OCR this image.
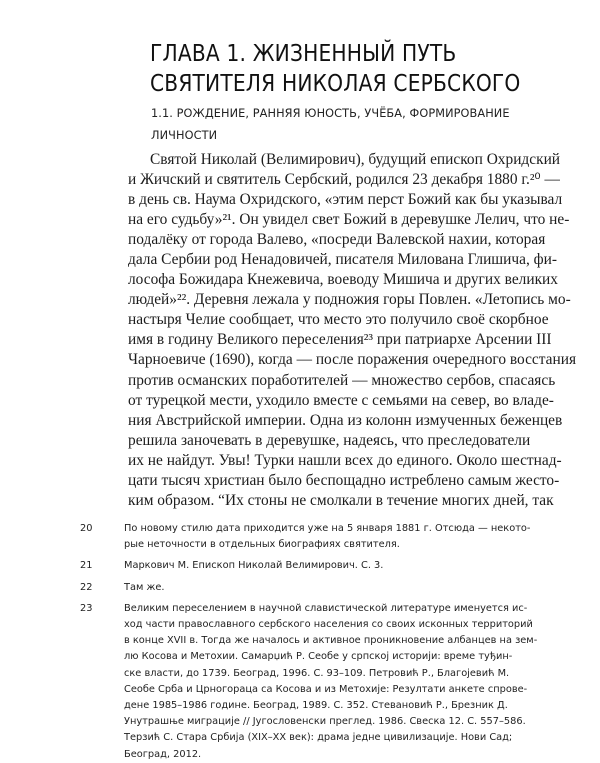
ГЛАВА 1. ЖИЗНЕННЫЙ ПУТЬ
СВЯТИТЕЛЯ НИКОЛАЯ СЕРБСКОГО
1.1. РОЖДЕНИЕ, РАННЯЯ ЮНОСТЬ, УЧЁБА, ФОРМИРОВАНИЕ
ЛИЧНОСТИ
Святой Николай (Велимирович), будущий епископ Охридский
и Жичский и святитель Сербский, родился 23 декабря 1880 г.²⁰ —
в день св. Наума Охридского, «этим перст Божий как бы указывал
на его судьбу»²¹. Он увидел свет Божий в деревушке Лелич, что не-
подалёку от города Валево, «посреди Валевской нахии, которая
дала Сербии род Ненадовичей, писателя Милована Глишича, фи-
лософа Божидара Кнежевича, воеводу Мишича и других великих
людей»²². Деревня лежала у подножия горы Повлен. «Летопись мо-
настыря Челие сообщает, что место это получило своё скорбное
имя в годину Великого переселения²³ при патриархе Арсении III
Чарноевиче (1690), когда — после поражения очередного восстания
против османских поработителей — множество сербов, спасаясь
от турецкой мести, уходило вместе с семьями на север, во владе-
ния Австрийской империи. Одна из колонн измученных беженцев
решила заночевать в деревушке, надеясь, что преследователи
их не найдут. Увы! Турки нашли всех до единого. Около шестнад-
цати тысяч христиан было беспощадно истреблено самым жесто-
ким образом. “Их стоны не смолкали в течение многих дней, так
20	По новому стилю дата приходится уже на 5 января 1881 г. Отсюда — некото-
рые неточности в отдельных биографиях святителя.
21	Маркович М. Епископ Николай Велимирович. С. 3.
22	Там же.
23	Великим переселением в научной славистической литературе именуется ис-
ход части православного сербского населения со своих исконных территорий
в конце XVII в. Тогда же началось и активное проникновение албанцев на зем-
лю Косова и Метохии. Самарџић Р. Сеобе у српској историји: време туђин-
ске власти, до 1739. Београд, 1996. С. 93–109. Петровић Р., Благојевић М.
Сеобе Срба и Црногораца са Косова и из Метохије: Резултати анкете спрове-
дене 1985–1986 године. Београд, 1989. С. 352. Стевановић Р., Брезник Д.
Унутрашње миграције // Југословенски преглед. 1986. Свеска 12. С. 557–586.
Терзић С. Стара Србија (XIX–XX век): драма једне цивилизације. Нови Сад;
Београд, 2012.
